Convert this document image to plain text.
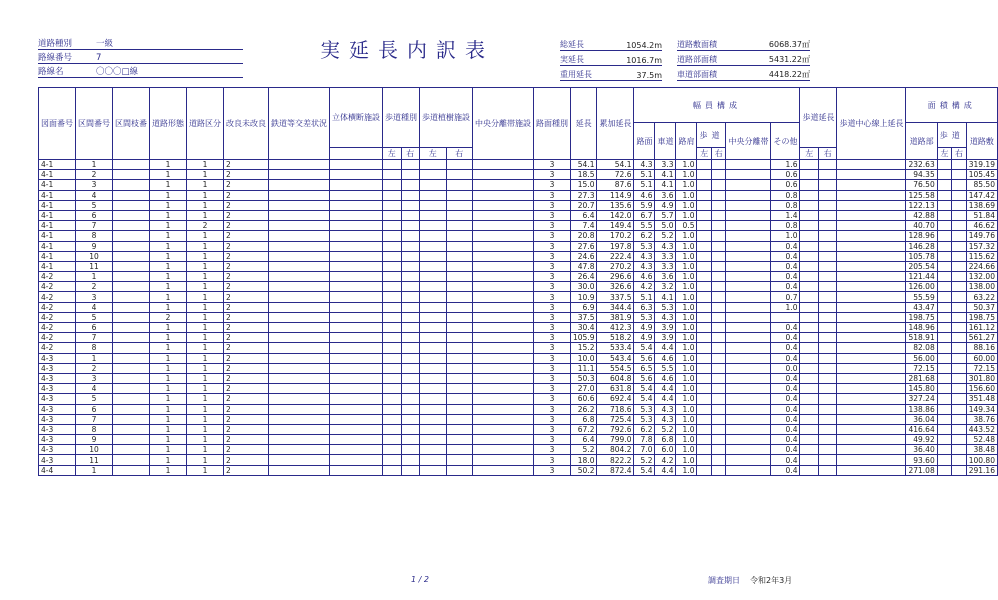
道路種別	一級
路線番号	7
路線名	〇〇〇□線
実延長内訳表	総延長	1054.2m
実延長	1016.7m
重用延長	37.5m
道路敷面積	6068.37㎡
道路部面積	5431.22㎡
車道部面積	4418.22㎡
図面番号	区間番号	区間枝番	道路形態	道路区分	改良未改良	鉄道等交差状況	立体横断施設	歩道種別		歩道植樹施設		中央分離帯施設	路面種別	延長	累加延長	幅員構成							歩道延長		歩道中心線上延長	面積構成			
																路面	車道	路肩	歩道		中央分離帯	その他				道路部	歩道		道路敷
								左	右	左	右								左	右			左	右			左	右	
4-1	1		1	1	2								3	54.1	54.1	4.3	3.3	1.0				1.6				232.63			319.19
4-1	2		1	1	2								3	18.5	72.6	5.1	4.1	1.0				0.6				94.35			105.45
4-1	3		1	1	2								3	15.0	87.6	5.1	4.1	1.0				0.6				76.50			85.50
4-1	4		1	1	2								3	27.3	114.9	4.6	3.6	1.0				0.8				125.58			147.42
4-1	5		1	1	2								3	20.7	135.6	5.9	4.9	1.0				0.8				122.13			138.69
4-1	6		1	1	2								3	6.4	142.0	6.7	5.7	1.0				1.4				42.88			51.84
4-1	7		1	2	2								3	7.4	149.4	5.5	5.0	0.5				0.8				40.70			46.62
4-1	8		1	1	2								3	20.8	170.2	6.2	5.2	1.0				1.0				128.96			149.76
4-1	9		1	1	2								3	27.6	197.8	5.3	4.3	1.0				0.4				146.28			157.32
4-1	10		1	1	2								3	24.6	222.4	4.3	3.3	1.0				0.4				105.78			115.62
4-1	11		1	1	2								3	47.8	270.2	4.3	3.3	1.0				0.4				205.54			224.66
4-2	1		1	1	2								3	26.4	296.6	4.6	3.6	1.0				0.4				121.44			132.00
4-2	2		1	1	2								3	30.0	326.6	4.2	3.2	1.0				0.4				126.00			138.00
4-2	3		1	1	2								3	10.9	337.5	5.1	4.1	1.0				0.7				55.59			63.22
4-2	4		1	1	2								3	6.9	344.4	6.3	5.3	1.0				1.0				43.47			50.37
4-2	5		2	1	2								3	37.5	381.9	5.3	4.3	1.0								198.75			198.75
4-2	6		1	1	2								3	30.4	412.3	4.9	3.9	1.0				0.4				148.96			161.12
4-2	7		1	1	2								3	105.9	518.2	4.9	3.9	1.0				0.4				518.91			561.27
4-2	8		1	1	2								3	15.2	533.4	5.4	4.4	1.0				0.4				82.08			88.16
4-3	1		1	1	2								3	10.0	543.4	5.6	4.6	1.0				0.4				56.00			60.00
4-3	2		1	1	2								3	11.1	554.5	6.5	5.5	1.0				0.0				72.15			72.15
4-3	3		1	1	2								3	50.3	604.8	5.6	4.6	1.0				0.4				281.68			301.80
4-3	4		1	1	2								3	27.0	631.8	5.4	4.4	1.0				0.4				145.80			156.60
4-3	5		1	1	2								3	60.6	692.4	5.4	4.4	1.0				0.4				327.24			351.48
4-3	6		1	1	2								3	26.2	718.6	5.3	4.3	1.0				0.4				138.86			149.34
4-3	7		1	1	2								3	6.8	725.4	5.3	4.3	1.0				0.4				36.04			38.76
4-3	8		1	1	2								3	67.2	792.6	6.2	5.2	1.0				0.4				416.64			443.52
4-3	9		1	1	2								3	6.4	799.0	7.8	6.8	1.0				0.4				49.92			52.48
4-3	10		1	1	2								3	5.2	804.2	7.0	6.0	1.0				0.4				36.40			38.48
4-3	11		1	1	2								3	18.0	822.2	5.2	4.2	1.0				0.4				93.60			100.80
4-4	1		1	1	2								3	50.2	872.4	5.4	4.4	1.0				0.4				271.08			291.16
1 / 2	調査期日 令和2年3月
